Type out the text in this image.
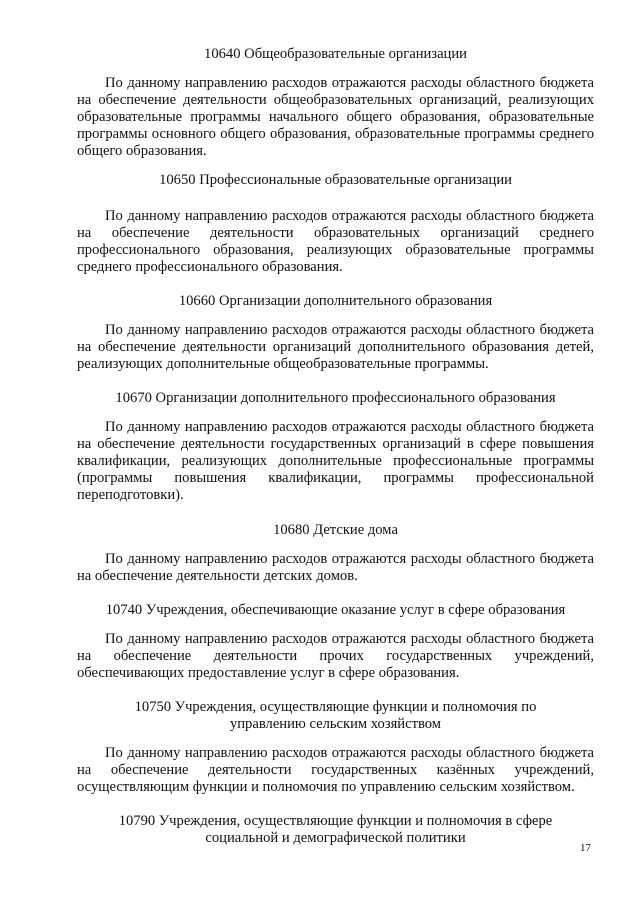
10640 Общеобразовательные организации
По данному направлению расходов отражаются расходы областного бюджета на обеспечение деятельности общеобразовательных организаций, реализующих образовательные программы начального общего образования, образовательные программы основного общего образования, образовательные программы среднего общего образования.
10650 Профессиональные образовательные организации
По данному направлению расходов отражаются расходы областного бюджета на обеспечение деятельности образовательных организаций среднего профессионального образования, реализующих образовательные программы среднего профессионального образования.
10660 Организации дополнительного образования
По данному направлению расходов отражаются расходы областного бюджета на обеспечение деятельности организаций дополнительного образования детей, реализующих дополнительные общеобразовательные программы.
10670 Организации дополнительного профессионального образования
По данному направлению расходов отражаются расходы областного бюджета на обеспечение деятельности государственных организаций в сфере повышения квалификации, реализующих дополнительные профессиональные программы (программы повышения квалификации, программы профессиональной переподготовки).
10680 Детские дома
По данному направлению расходов отражаются расходы областного бюджета на обеспечение деятельности детских домов.
10740 Учреждения, обеспечивающие оказание услуг в сфере образования
По данному направлению расходов отражаются расходы областного бюджета на обеспечение деятельности прочих государственных учреждений, обеспечивающих предоставление услуг в сфере образования.
10750 Учреждения, осуществляющие функции и полномочия по
управлению сельским хозяйством
По данному направлению расходов отражаются расходы областного бюджета на обеспечение деятельности государственных казённых учреждений, осуществляющим функции и полномочия по управлению сельским хозяйством.
10790 Учреждения, осуществляющие функции и полномочия в сфере
социальной и демографической политики
17
